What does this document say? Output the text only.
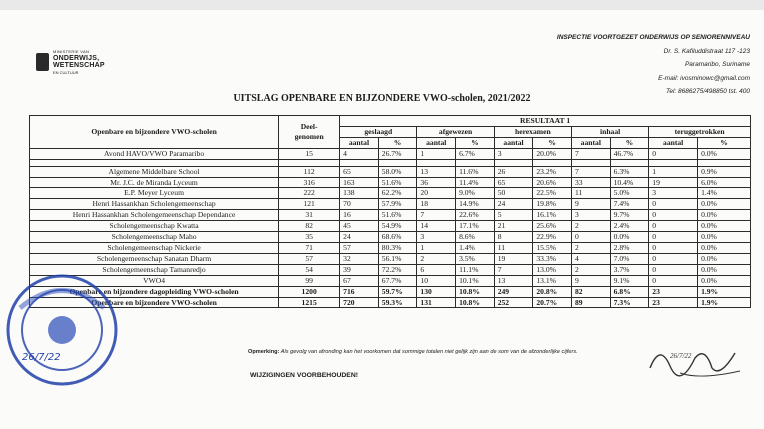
MINISTERIE VAN
ONDERWIJS,
WETENSCHAP
EN CULTUUR
INSPECTIE VOORTGEZET ONDERWIJS OP SENIORENNIVEAU
Dr. S. Kafiluddistraat 117 -123
Paramaribo, Suriname
E-mail: ivosminowc@gmail.com
Tel: 8686275/498850 tst. 400
UITSLAG OPENBARE EN BIJZONDERE VWO-scholen, 2021/2022
Openbare en bijzondere VWO-scholen	Deel-
genomen	RESULTAAT 1									
		geslaagd		afgewezen		herexamen		inhaal		teruggetrokken	
		aantal	%	aantal	%	aantal	%	aantal	%	aantal	%
Avond HAVO/VWO Paramaribo	15	4	26.7%	1	6.7%	3	20.0%	7	46.7%	0	0.0%

Algemene Middelbare School	112	65	58.0%	13	11.6%	26	23.2%	7	6.3%	1	0.9%
Mr. J.C. de Miranda Lyceum	316	163	51.6%	36	11.4%	65	20.6%	33	10.4%	19	6.0%
E.P. Meyer Lyceum	222	138	62.2%	20	9.0%	50	22.5%	11	5.0%	3	1.4%
Henri Hassankhan Scholengemeenschap	121	70	57.9%	18	14.9%	24	19.8%	9	7.4%	0	0.0%
Henri Hassankhan Scholengemeenschap Dependance	31	16	51.6%	7	22.6%	5	16.1%	3	9.7%	0	0.0%
Scholengemeenschap Kwatta	82	45	54.9%	14	17.1%	21	25.6%	2	2.4%	0	0.0%
Scholengemeenschap Maho	35	24	68.6%	3	8.6%	8	22.9%	0	0.0%	0	0.0%
Scholengemeenschap Nickerie	71	57	80.3%	1	1.4%	11	15.5%	2	2.8%	0	0.0%
Scholengemeenschap Sanatan Dharm	57	32	56.1%	2	3.5%	19	33.3%	4	7.0%	0	0.0%
Scholengemeenschap Tamanredjo	54	39	72.2%	6	11.1%	7	13.0%	2	3.7%	0	0.0%
VWO4	99	67	67.7%	10	10.1%	13	13.1%	9	9.1%	0	0.0%
Openbare en bijzondere dagopleiding VWO-scholen	1200	716	59.7%	130	10.8%	249	20.8%	82	6.8%	23	1.9%
Openbare en bijzondere VWO-scholen	1215	720	59.3%	131	10.8%	252	20.7%	89	7.3%	23	1.9%
Opmerking: Als gevolg van afronding kan het voorkomen dat sommige totalen niet gelijk zijn aan de som van de afzonderlijke cijfers.
WIJZIGINGEN VOORBEHOUDEN!
26/7/22	26/7/22
